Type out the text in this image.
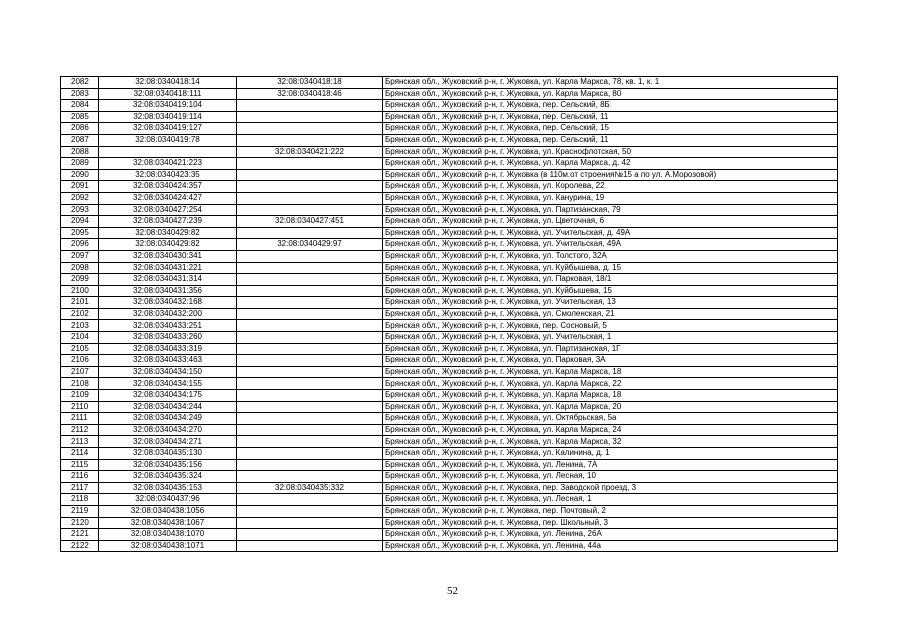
2082	32:08:0340418:14	32:08:0340418:18	Брянская обл., Жуковский р-н, г. Жуковка, ул. Карла Маркса, 78, кв. 1, к. 1
2083	32:08:0340418:111	32:08:0340418:46	Брянская обл., Жуковский р-н, г. Жуковка, ул. Карла Маркса, 80
2084	32:08:0340419:104		Брянская обл., Жуковский р-н, г. Жуковка, пер. Сельский, 8Б
2085	32:08:0340419:114		Брянская обл., Жуковский р-н, г. Жуковка, пер. Сельский, 11
2086	32:08:0340419:127		Брянская обл., Жуковский р-н, г. Жуковка, пер. Сельский, 15
2087	32:08:0340419:78		Брянская обл., Жуковский р-н, г. Жуковка, пер. Сельский, 11
2088		32:08:0340421:222	Брянская обл., Жуковский р-н, г. Жуковка, ул. Краснофлотская, 50
2089	32:08:0340421:223		Брянская обл., Жуковский р-н, г. Жуковка, ул. Карла Маркса, д. 42
2090	32:08:0340423:35		Брянская обл., Жуковский р-н, г. Жуковка (в 110м.от строения№15 а по ул. А.Морозовой)
2091	32:08:0340424:357		Брянская обл., Жуковский р-н, г. Жуковка, ул. Королева, 22
2092	32:08:0340424:427		Брянская обл., Жуковский р-н, г. Жуковка, ул. Канурина, 19
2093	32:08:0340427:254		Брянская обл., Жуковский р-н, г. Жуковка, ул. Партизанская, 79
2094	32:08:0340427:239	32:08:0340427:451	Брянская обл., Жуковский р-н, г. Жуковка, ул. Цветочная, 6
2095	32:08:0340429:82		Брянская обл., Жуковский р-н, г. Жуковка, ул. Учительская, д. 49А
2096	32:08:0340429:82	32:08:0340429:97	Брянская обл., Жуковский р-н, г. Жуковка, ул. Учительская, 49А
2097	32:08:0340430:341		Брянская обл., Жуковский р-н, г. Жуковка, ул. Толстого, 32А
2098	32:08:0340431:221		Брянская обл., Жуковский р-н, г. Жуковка, ул. Куйбышева, д. 15
2099	32:08:0340431:314		Брянская обл., Жуковский р-н, г. Жуковка, ул. Парковая, 18/1
2100	32:08:0340431:356		Брянская обл., Жуковский р-н, г. Жуковка, ул. Куйбышева, 15
2101	32:08:0340432:168		Брянская обл., Жуковский р-н, г. Жуковка, ул. Учительская, 13
2102	32:08:0340432:200		Брянская обл., Жуковский р-н, г. Жуковка, ул. Смоленская, 21
2103	32:08:0340433:251		Брянская обл., Жуковский р-н, г. Жуковка, пер. Сосновый, 5
2104	32:08:0340433:260		Брянская обл., Жуковский р-н, г. Жуковка, ул. Учительская, 1
2105	32:08:0340433:319		Брянская обл., Жуковский р-н, г. Жуковка, ул. Партизанская, 1Г
2106	32:08:0340433:463		Брянская обл., Жуковский р-н, г. Жуковка, ул. Парковая, 3А
2107	32:08:0340434:150		Брянская обл., Жуковский р-н, г. Жуковка, ул. Карла Маркса, 18
2108	32:08:0340434:155		Брянская обл., Жуковский р-н, г. Жуковка, ул. Карла Маркса, 22
2109	32:08:0340434:175		Брянская обл., Жуковский р-н, г. Жуковка, ул. Карла Маркса, 18
2110	32:08:0340434:244		Брянская обл., Жуковский р-н, г. Жуковка, ул. Карла Маркса, 20
2111	32:08:0340434:249		Брянская обл., Жуковский р-н, г. Жуковка, ул. Октябрьская, 5а
2112	32:08:0340434:270		Брянская обл., Жуковский р-н, г. Жуковка, ул. Карла Маркса, 24
2113	32:08:0340434:271		Брянская обл., Жуковский р-н, г. Жуковка, ул. Карла Маркса, 32
2114	32:08:0340435:130		Брянская обл., Жуковский р-н, г. Жуковка, ул. Калинина, д. 1
2115	32:08:0340435:156		Брянская обл., Жуковский р-н, г. Жуковка, ул. Ленина, 7А
2116	32:08:0340435:324		Брянская обл., Жуковский р-н, г. Жуковка, ул. Лесная, 10
2117	32:08:0340435:153	32:08:0340435:332	Брянская обл., Жуковский р-н, г. Жуковка, пер. Заводской проезд, 3
2118	32:08:0340437:96		Брянская обл., Жуковский р-н, г. Жуковка, ул. Лесная, 1
2119	32:08:0340438:1056		Брянская обл., Жуковский р-н, г. Жуковка, пер. Почтовый, 2
2120	32:08:0340438:1067		Брянская обл., Жуковский р-н, г. Жуковка, пер. Школьный, 3
2121	32:08:0340438:1070		Брянская обл., Жуковский р-н, г. Жуковка, ул. Ленина, 26А
2122	32:08:0340438:1071		Брянская обл., Жуковский р-н, г. Жуковка, ул. Ленина, 44а
52
